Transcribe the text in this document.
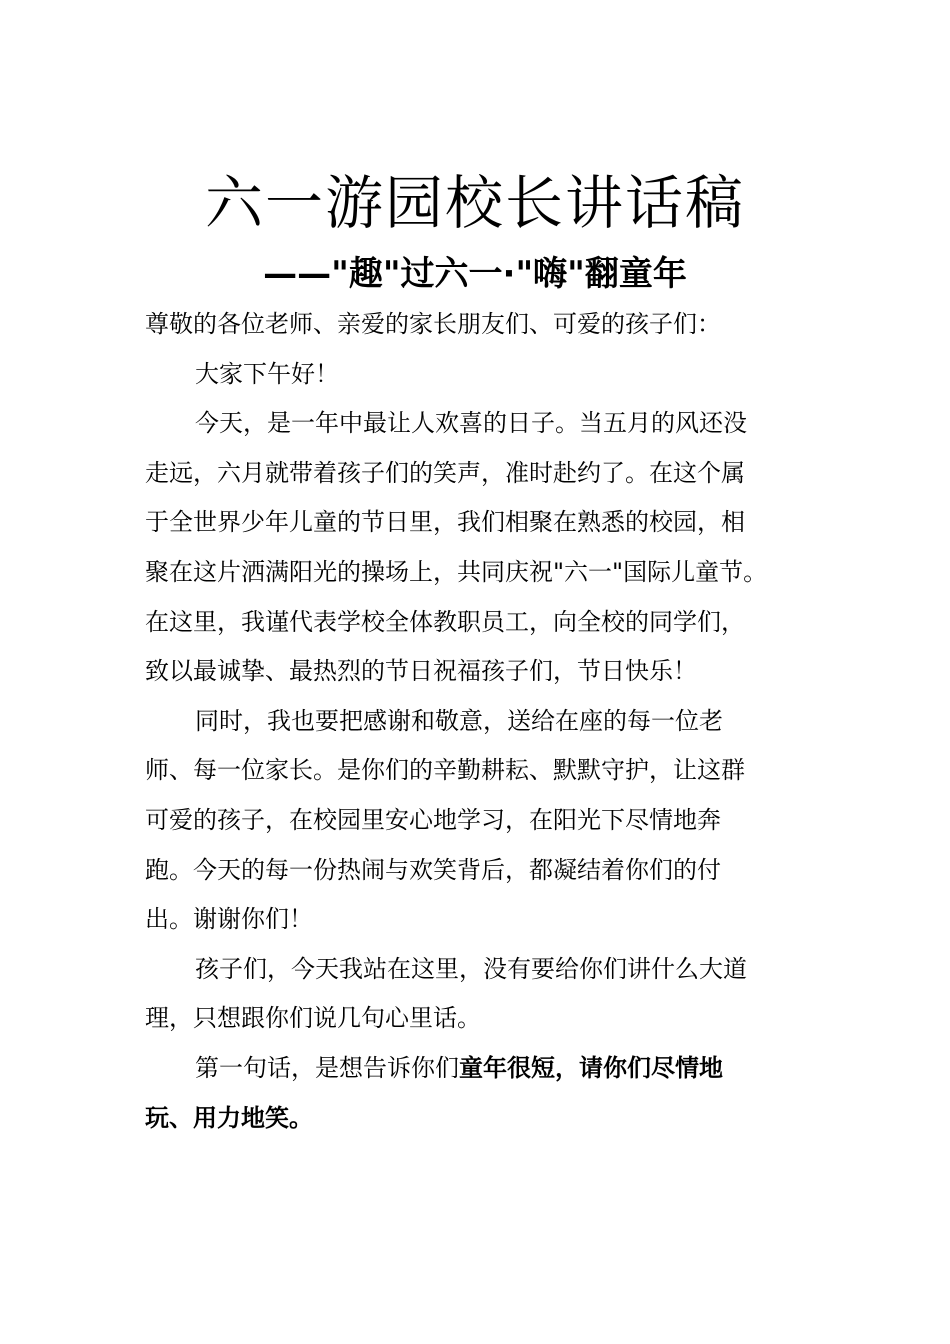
六一游园校长讲话稿
——"趣"过六一·"嗨"翻童年

尊敬的各位老师、亲爱的家长朋友们、可爱的孩子们：

大家下午好！

今天，是一年中最让人欢喜的日子。当五月的风还没

走远，六月就带着孩子们的笑声，准时赴约了。在这个属

于全世界少年儿童的节日里，我们相聚在熟悉的校园，相

聚在这片洒满阳光的操场上，共同庆祝"六一"国际儿童节。

在这里，我谨代表学校全体教职员工，向全校的同学们，

致以最诚挚、最热烈的节日祝福孩子们，节日快乐！

同时，我也要把感谢和敬意，送给在座的每一位老

师、每一位家长。是你们的辛勤耕耘、默默守护，让这群

可爱的孩子，在校园里安心地学习，在阳光下尽情地奔

跑。今天的每一份热闹与欢笑背后，都凝结着你们的付

出。谢谢你们！

孩子们，今天我站在这里，没有要给你们讲什么大道

理，只想跟你们说几句心里话。

第一句话，是想告诉你们童年很短，请你们尽情地

玩、用力地笑。
